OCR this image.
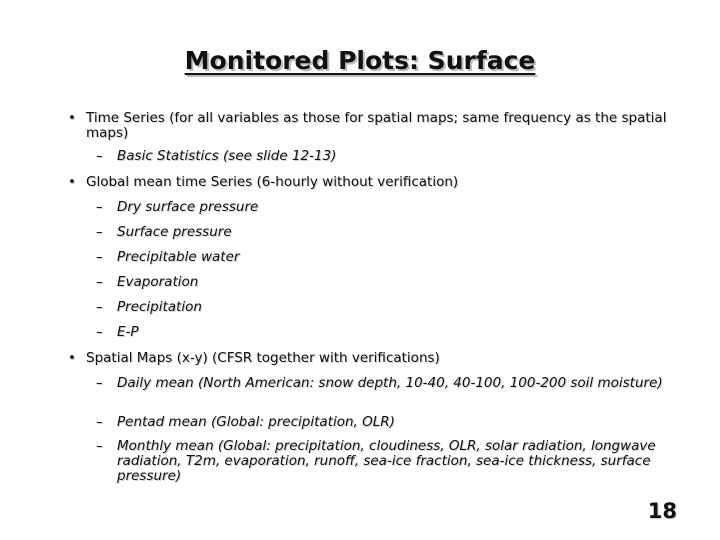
Monitored Plots: Surface
• Time Series (for all variables as those for spatial maps; same frequency as the spatial maps)
– Basic Statistics (see slide 12-13)
• Global mean time Series (6-hourly without verification)
– Dry surface pressure
– Surface pressure
– Precipitable water
– Evaporation
– Precipitation
– E-P
• Spatial Maps (x-y) (CFSR together with verifications)
– Daily mean (North American: snow depth, 10-40, 40-100, 100-200 soil moisture)
– Pentad mean (Global: precipitation, OLR)
– Monthly mean (Global: precipitation, cloudiness, OLR, solar radiation, longwave radiation, T2m, evaporation, runoff, sea-ice fraction, sea-ice thickness, surface pressure)
18
